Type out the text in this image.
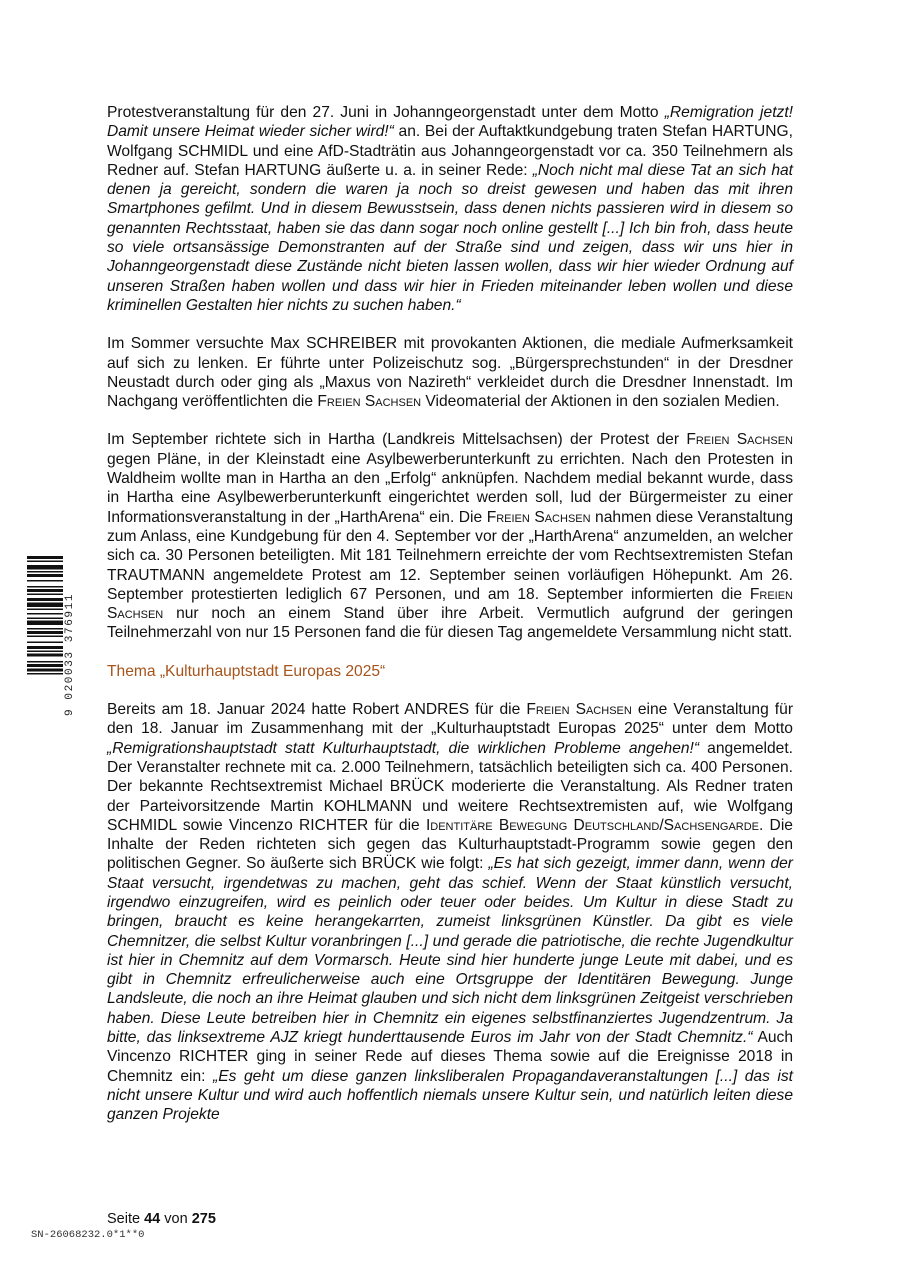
Protestveranstaltung für den 27. Juni in Johanngeorgenstadt unter dem Motto „Remigration jetzt! Damit unsere Heimat wieder sicher wird!“ an. Bei der Auftaktkundgebung traten Stefan HARTUNG, Wolfgang SCHMIDL und eine AfD-Stadträtin aus Johanngeorgenstadt vor ca. 350 Teilnehmern als Redner auf. Stefan HARTUNG äußerte u. a. in seiner Rede: „Noch nicht mal diese Tat an sich hat denen ja gereicht, sondern die waren ja noch so dreist gewesen und haben das mit ihren Smartphones gefilmt. Und in diesem Bewusstsein, dass denen nichts passieren wird in diesem so genannten Rechtsstaat, haben sie das dann sogar noch online gestellt [...] Ich bin froh, dass heute so viele ortsansässige Demonstranten auf der Straße sind und zeigen, dass wir uns hier in Johanngeorgenstadt diese Zustände nicht bieten lassen wollen, dass wir hier wieder Ordnung auf unseren Straßen haben wollen und dass wir hier in Frieden miteinander leben wollen und diese kriminellen Gestalten hier nichts zu suchen haben.“

Im Sommer versuchte Max SCHREIBER mit provokanten Aktionen, die mediale Aufmerksamkeit auf sich zu lenken. Er führte unter Polizeischutz sog. „Bürgersprechstunden“ in der Dresdner Neustadt durch oder ging als „Maxus von Nazireth“ verkleidet durch die Dresdner Innenstadt. Im Nachgang veröffentlichten die Freien Sachsen Videomaterial der Aktionen in den sozialen Medien.

Im September richtete sich in Hartha (Landkreis Mittelsachsen) der Protest der Freien Sachsen gegen Pläne, in der Kleinstadt eine Asylbewerberunterkunft zu errichten. Nach den Protesten in Waldheim wollte man in Hartha an den „Erfolg“ anknüpfen. Nachdem medial bekannt wurde, dass in Hartha eine Asylbewerberunterkunft eingerichtet werden soll, lud der Bürgermeister zu einer Informationsveranstaltung in der „HarthArena“ ein. Die Freien Sachsen nahmen diese Veranstaltung zum Anlass, eine Kundgebung für den 4. September vor der „HarthArena“ anzumelden, an welcher sich ca. 30 Personen beteiligten. Mit 181 Teilnehmern erreichte der vom Rechtsextremisten Stefan TRAUTMANN angemeldete Protest am 12. September seinen vorläufigen Höhepunkt. Am 26. September protestierten lediglich 67 Personen, und am 18. September informierten die Freien Sachsen nur noch an einem Stand über ihre Arbeit. Vermutlich aufgrund der geringen Teilnehmerzahl von nur 15 Personen fand die für diesen Tag angemeldete Versammlung nicht statt.

Thema „Kulturhauptstadt Europas 2025“

Bereits am 18. Januar 2024 hatte Robert ANDRES für die Freien Sachsen eine Veranstaltung für den 18. Januar im Zusammenhang mit der „Kulturhauptstadt Europas 2025“ unter dem Motto „Remigrationshauptstadt statt Kulturhauptstadt, die wirklichen Probleme angehen!“ angemeldet. Der Veranstalter rechnete mit ca. 2.000 Teilnehmern, tatsächlich beteiligten sich ca. 400 Personen. Der bekannte Rechtsextremist Michael BRÜCK moderierte die Veranstaltung. Als Redner traten der Parteivorsitzende Martin KOHLMANN und weitere Rechtsextremisten auf, wie Wolfgang SCHMIDL sowie Vincenzo RICHTER für die Identitäre Bewegung Deutschland/Sachsengarde. Die Inhalte der Reden richteten sich gegen das Kulturhauptstadt-Programm sowie gegen den politischen Gegner. So äußerte sich BRÜCK wie folgt: „Es hat sich gezeigt, immer dann, wenn der Staat versucht, irgendetwas zu machen, geht das schief. Wenn der Staat künstlich versucht, irgendwo einzugreifen, wird es peinlich oder teuer oder beides. Um Kultur in diese Stadt zu bringen, braucht es keine herangekarrten, zumeist linksgrünen Künstler. Da gibt es viele Chemnitzer, die selbst Kultur voranbringen [...] und gerade die patriotische, die rechte Jugendkultur ist hier in Chemnitz auf dem Vormarsch. Heute sind hier hunderte junge Leute mit dabei, und es gibt in Chemnitz erfreulicherweise auch eine Ortsgruppe der Identitären Bewegung. Junge Landsleute, die noch an ihre Heimat glauben und sich nicht dem linksgrünen Zeitgeist verschrieben haben. Diese Leute betreiben hier in Chemnitz ein eigenes selbstfinanziertes Jugendzentrum. Ja bitte, das linksextreme AJZ kriegt hunderttausende Euros im Jahr von der Stadt Chemnitz.“ Auch Vincenzo RICHTER ging in seiner Rede auf dieses Thema sowie auf die Ereignisse 2018 in Chemnitz ein: „Es geht um diese ganzen linksliberalen Propagandaveranstaltungen [...] das ist nicht unsere Kultur und wird auch hoffentlich niemals unsere Kultur sein, und natürlich leiten diese ganzen Projekte

9 020033 376911
Seite 44 von 275
SN-26068232.0*1**0
